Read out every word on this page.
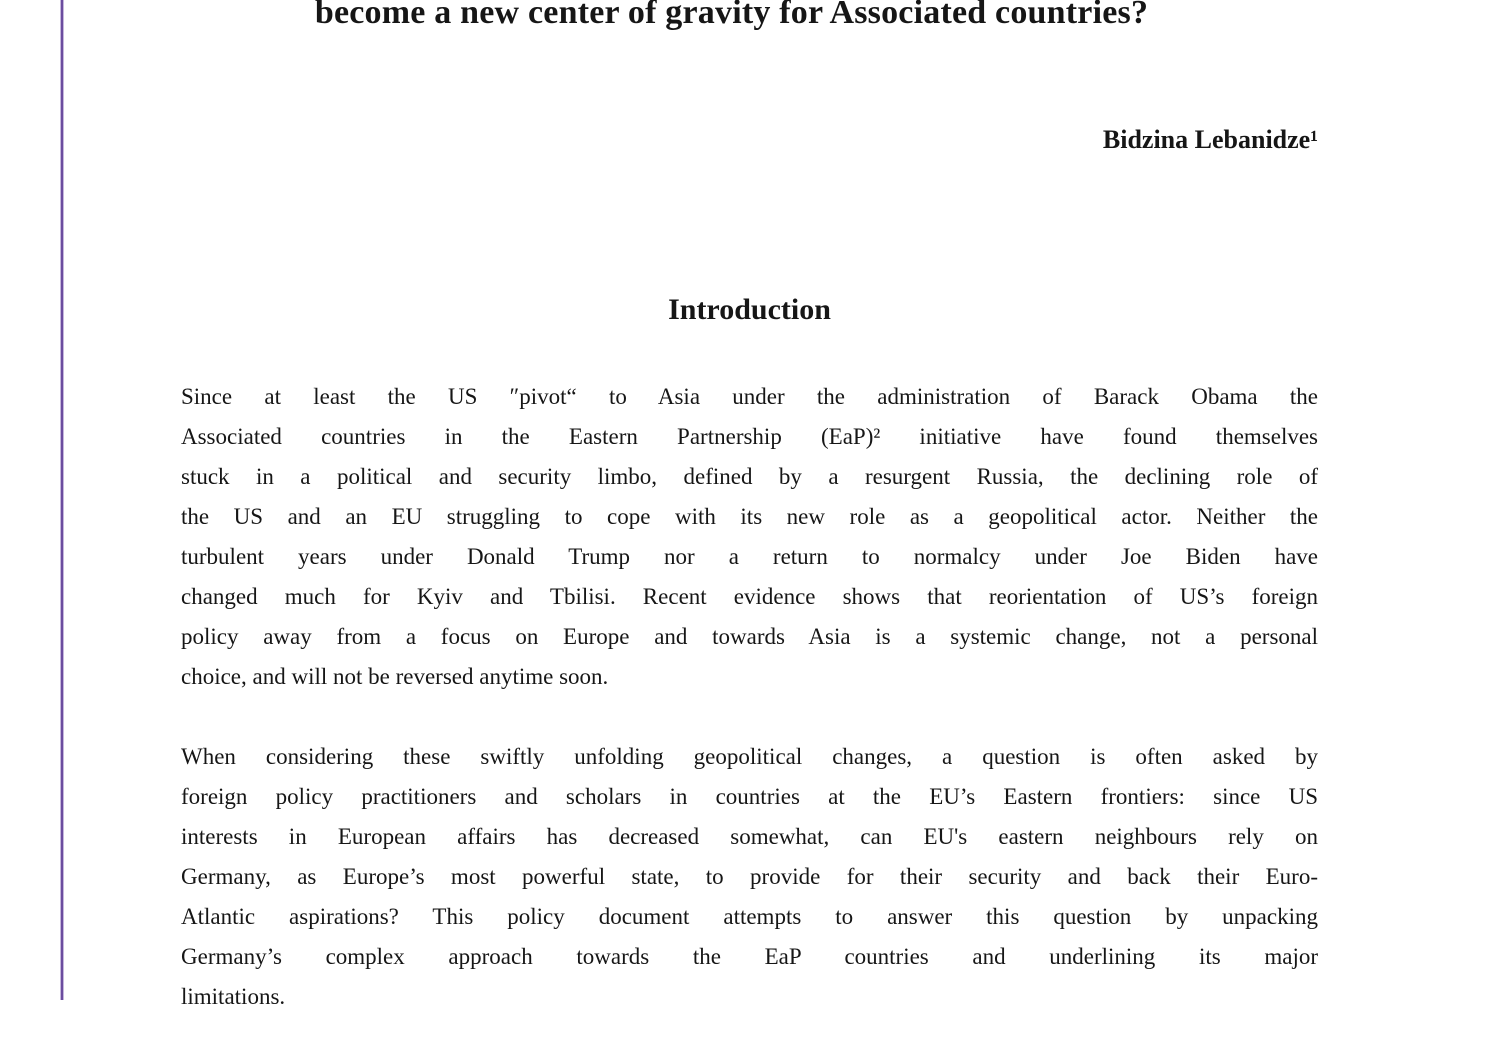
become a new center of gravity for Associated countries?
Bidzina Lebanidze¹
Introduction
Since at least the US ″pivot“ to Asia under the administration of Barack Obama the
Associated countries in the Eastern Partnership (EaP)² initiative have found themselves
stuck in a political and security limbo, defined by a resurgent Russia, the declining role of
the US and an EU struggling to cope with its new role as a geopolitical actor. Neither the
turbulent years under Donald Trump nor a return to normalcy under Joe Biden have
changed much for Kyiv and Tbilisi. Recent evidence shows that reorientation of US’s foreign
policy away from a focus on Europe and towards Asia is a systemic change, not a personal
choice, and will not be reversed anytime soon.
When considering these swiftly unfolding geopolitical changes, a question is often asked by
foreign policy practitioners and scholars in countries at the EU’s Eastern frontiers: since US
interests in European affairs has decreased somewhat, can EU's eastern neighbours rely on
Germany, as Europe’s most powerful state, to provide for their security and back their Euro-
Atlantic aspirations? This policy document attempts to answer this question by unpacking
Germany’s complex approach towards the EaP countries and underlining its major
limitations.
